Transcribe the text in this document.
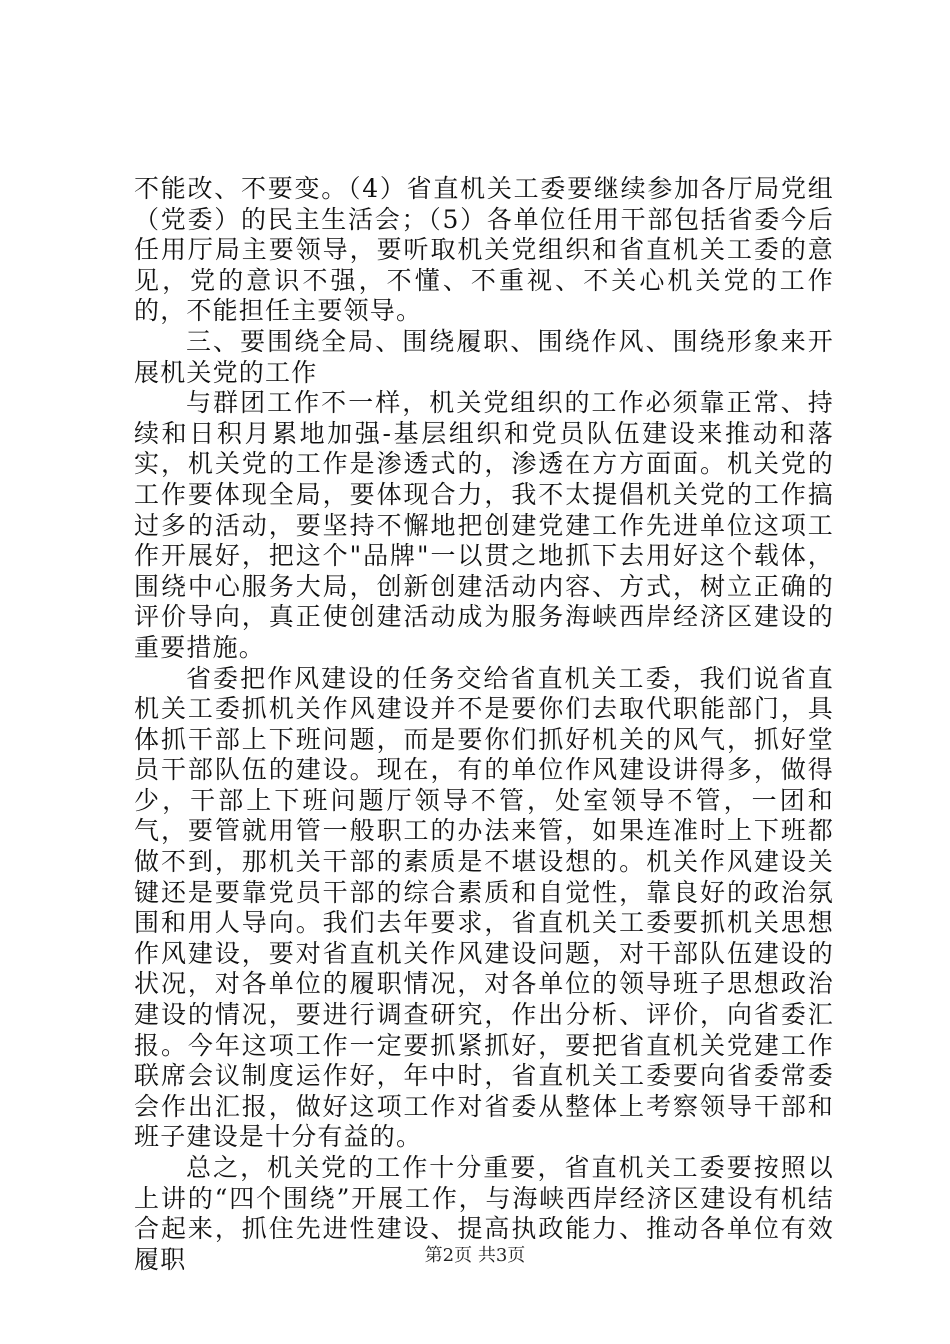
不能改、不要变。（4）省直机关工委要继续参加各厅局党组（党委）的民主生活会；（5）各单位任用干部包括省委今后任用厅局主要领导，要听取机关党组织和省直机关工委的意见，党的意识不强，不懂、不重视、不关心机关党的工作的，不能担任主要领导。

三、要围绕全局、围绕履职、围绕作风、围绕形象来开展机关党的工作

与群团工作不一样，机关党组织的工作必须靠正常、持续和日积月累地加强-基层组织和党员队伍建设来推动和落实，机关党的工作是渗透式的，渗透在方方面面。机关党的工作要体现全局，要体现合力，我不太提倡机关党的工作搞过多的活动，要坚持不懈地把创建党建工作先进单位这项工作开展好，把这个"品牌"一以贯之地抓下去用好这个载体，围绕中心服务大局，创新创建活动内容、方式，树立正确的评价导向，真正使创建活动成为服务海峡西岸经济区建设的重要措施。

省委把作风建设的任务交给省直机关工委，我们说省直机关工委抓机关作风建设并不是要你们去取代职能部门，具体抓干部上下班问题，而是要你们抓好机关的风气，抓好堂员干部队伍的建设。现在，有的单位作风建设讲得多，做得少，干部上下班问题厅领导不管，处室领导不管，一团和气，要管就用管一般职工的办法来管，如果连准时上下班都做不到，那机关干部的素质是不堪设想的。机关作风建设关键还是要靠党员干部的综合素质和自觉性，靠良好的政治氛围和用人导向。我们去年要求，省直机关工委要抓机关思想作风建设，要对省直机关作风建设问题，对干部队伍建设的状况，对各单位的履职情况，对各单位的领导班子思想政治建设的情况，要进行调查研究，作出分析、评价，向省委汇报。今年这项工作一定要抓紧抓好，要把省直机关党建工作联席会议制度运作好，年中时，省直机关工委要向省委常委会作出汇报，做好这项工作对省委从整体上考察领导干部和班子建设是十分有益的。

总之，机关党的工作十分重要，省直机关工委要按照以上讲的“四个围绕”开展工作，与海峡西岸经济区建设有机结合起来，抓住先进性建设、提高执政能力、推动各单位有效履职	第2页 共3页
